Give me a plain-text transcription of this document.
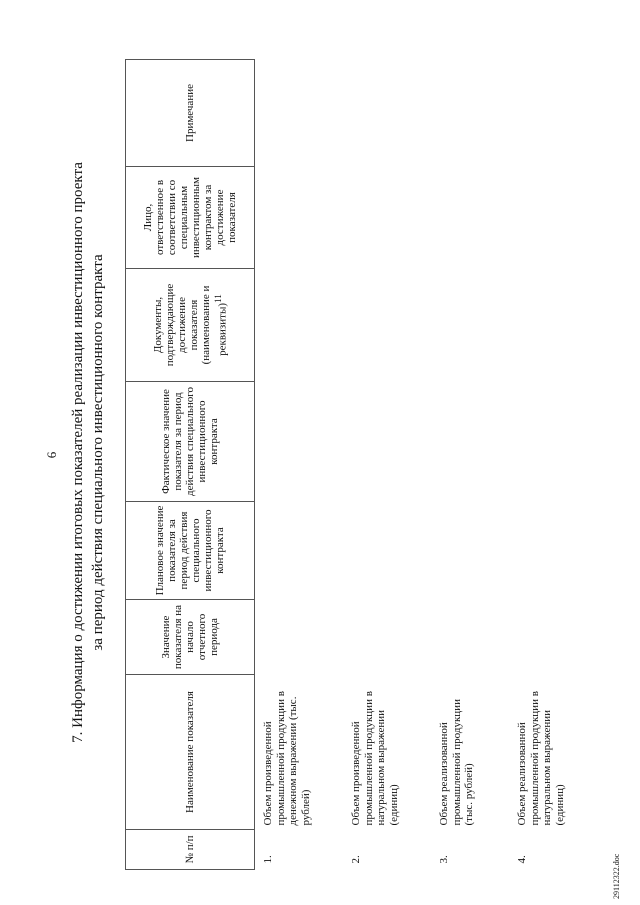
6 7. Информация о достижении итоговых показателей реализации инвестиционного проекта за период действия специального инвестиционного контракта
№ п/п	Наименование показателя	Значение показателя на начало отчетного периода	Плановое значение показателя за период действия специального инвестиционного контракта	Фактическое значение показателя за период действия специального инвестиционного контракта	Документы, подтверждающие достижение показателя (наименование и реквизиты)$^{11}$	Лицо, ответственное в соответствии со специальным инвестиционным контрактом за достижение показателя	Примечание
1.	Объем произведенной промышленной продукции в денежном выражении (тыс. рублей)						
2.	Объем произведенной промышленной продукции в натуральном выражении (единиц)						
3.	Объем реализованной промышленной продукции (тыс. рублей)						
4.	Объем реализованной промышленной продукции в натуральном выражении (единиц)						
29112322.doc
